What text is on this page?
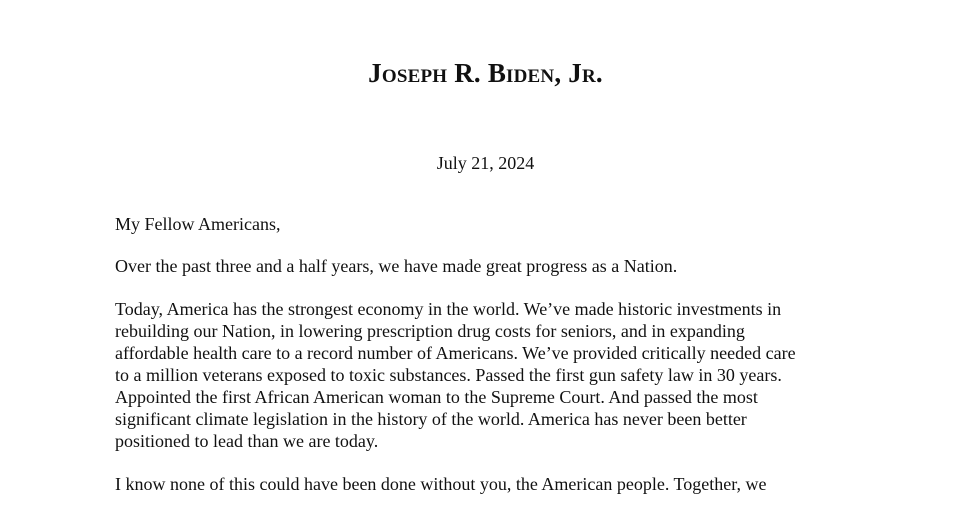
Joseph R. Biden, Jr.
July 21, 2024

My Fellow Americans,

Over the past three and a half years, we have made great progress as a Nation.

Today, America has the strongest economy in the world. We’ve made historic investments in
rebuilding our Nation, in lowering prescription drug costs for seniors, and in expanding
affordable health care to a record number of Americans. We’ve provided critically needed care
to a million veterans exposed to toxic substances. Passed the first gun safety law in 30 years.
Appointed the first African American woman to the Supreme Court. And passed the most
significant climate legislation in the history of the world. America has never been better
positioned to lead than we are today.

I know none of this could have been done without you, the American people. Together, we
